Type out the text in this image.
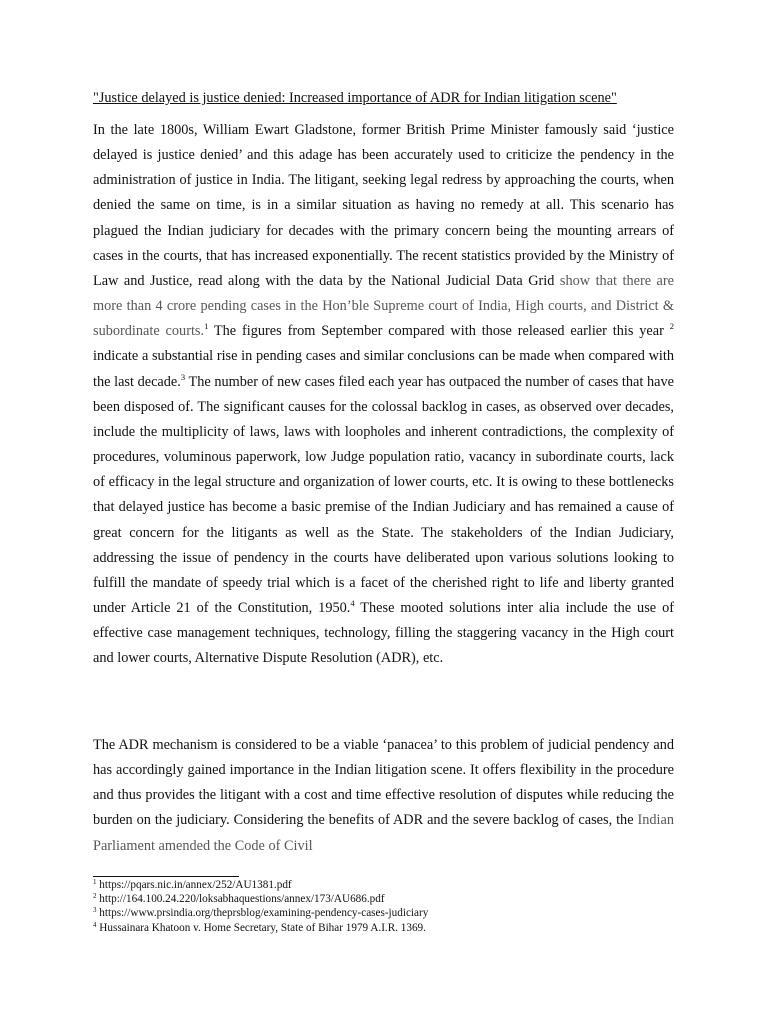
"Justice delayed is justice denied: Increased importance of ADR for Indian litigation scene"

In the late 1800s, William Ewart Gladstone, former British Prime Minister famously said ‘justice delayed is justice denied’ and this adage has been accurately used to criticize the pendency in the administration of justice in India. The litigant, seeking legal redress by approaching the courts, when denied the same on time, is in a similar situation as having no remedy at all. This scenario has plagued the Indian judiciary for decades with the primary concern being the mounting arrears of cases in the courts, that has increased exponentially. The recent statistics provided by the Ministry of Law and Justice, read along with the data by the National Judicial Data Grid show that there are more than 4 crore pending cases in the Hon’ble Supreme court of India, High courts, and District & subordinate courts.$^1$ The figures from September compared with those released earlier this year $^2$ indicate a substantial rise in pending cases and similar conclusions can be made when compared with the last decade.$^3$ The number of new cases filed each year has outpaced the number of cases that have been disposed of. The significant causes for the colossal backlog in cases, as observed over decades, include the multiplicity of laws, laws with loopholes and inherent contradictions, the complexity of procedures, voluminous paperwork, low Judge population ratio, vacancy in subordinate courts, lack of efficacy in the legal structure and organization of lower courts, etc. It is owing to these bottlenecks that delayed justice has become a basic premise of the Indian Judiciary and has remained a cause of great concern for the litigants as well as the State. The stakeholders of the Indian Judiciary, addressing the issue of pendency in the courts have deliberated upon various solutions looking to fulfill the mandate of speedy trial which is a facet of the cherished right to life and liberty granted under Article 21 of the Constitution, 1950.$^4$ These mooted solutions inter alia include the use of effective case management techniques, technology, filling the staggering vacancy in the High court and lower courts, Alternative Dispute Resolution (ADR), etc.

The ADR mechanism is considered to be a viable ‘panacea’ to this problem of judicial pendency and has accordingly gained importance in the Indian litigation scene. It offers flexibility in the procedure and thus provides the litigant with a cost and time effective resolution of disputes while reducing the burden on the judiciary. Considering the benefits of ADR and the severe backlog of cases, the Indian Parliament amended the Code of Civil

$^1$ https://pqars.nic.in/annex/252/AU1381.pdf
$^2$ http://164.100.24.220/loksabhaquestions/annex/173/AU686.pdf
$^3$ https://www.prsindia.org/theprsblog/examining-pendency-cases-judiciary
$^4$ Hussainara Khatoon v. Home Secretary, State of Bihar 1979 A.I.R. 1369.
